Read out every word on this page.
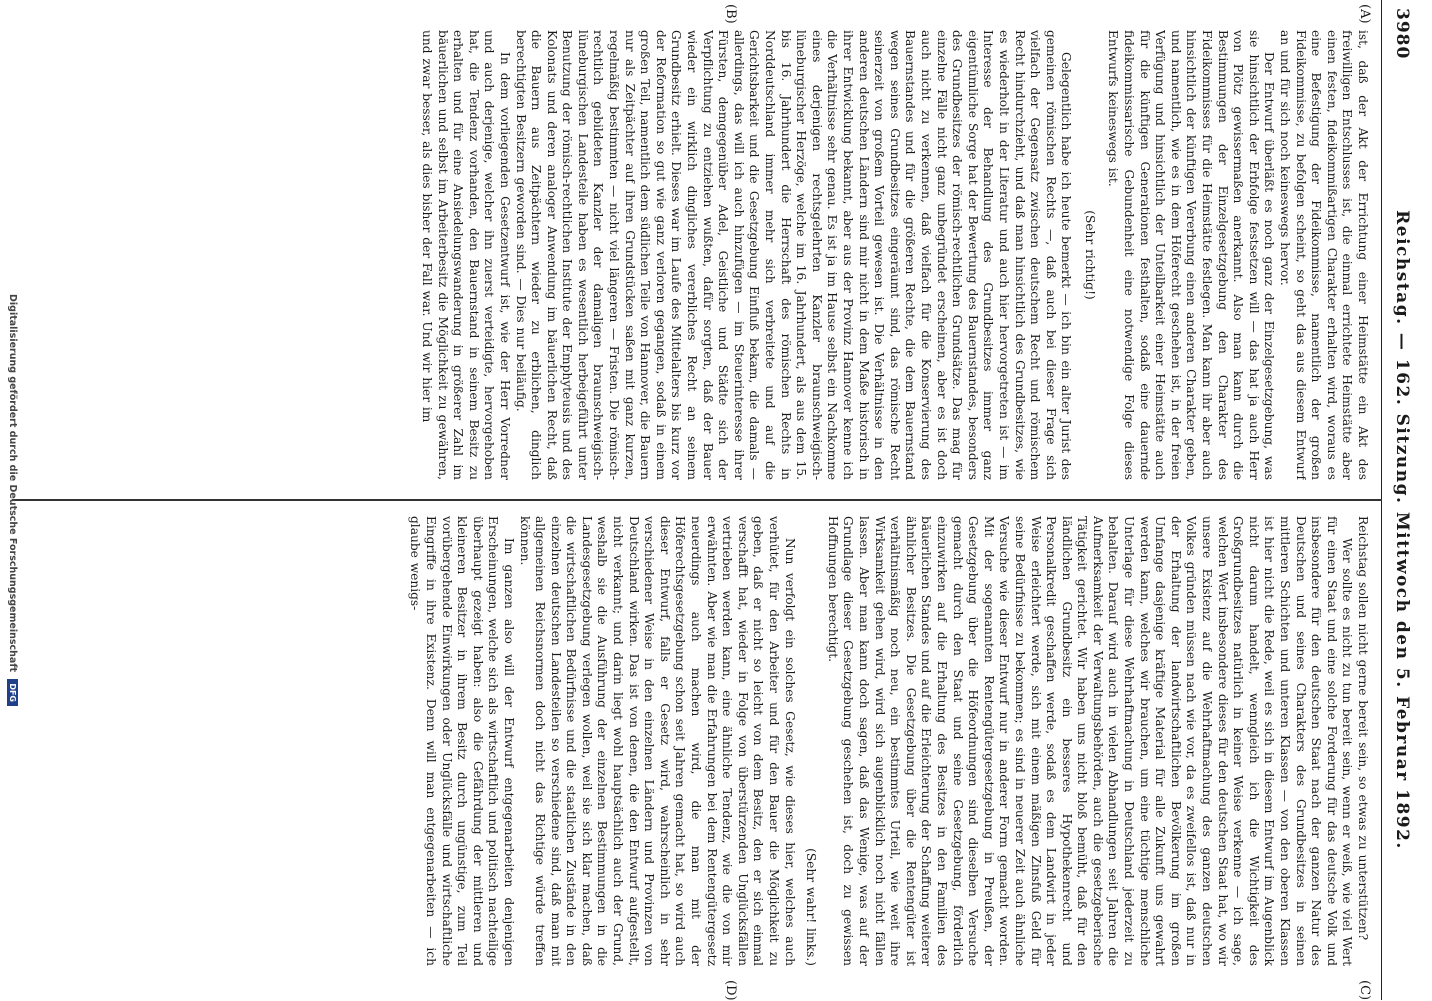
3980
Reichstag. — 162. Sitzung. Mittwoch den 5. Februar 1892.
(A)
(B)
(C)
(D)

ist, daß der Akt der Errichtung einer Heimstätte ein Akt des freiwilligen Entschlusses ist, die einmal errichtete Heimstätte aber einen festen, fideikommißartigen Charakter erhalten wird, woraus es eine Befestigung der Fideikommisse, namentlich der großen Fideikommisse, zu befolgen scheint, so geht das aus diesem Entwurf an und für sich noch keineswegs hervor.

Der Entwurf überläßt es noch ganz der Einzelgesetzgebung, was sie hinsichtlich der Erbfolge festsetzen will — das hat ja auch Herr von Plötz gewissermaßen anerkannt. Also man kann durch die Bestimmungen der Einzelgesetzgebung den Charakter des Fideikommisses für die Heimstätte festlegen. Man kann ihr aber auch hinsichtlich der künftigen Vererbung einen anderen Charakter geben, und namentlich, wie es in dem Höferecht geschehen ist, in der freien Verfügung und hinsichtlich der Unteilbarkeit einer Heimstätte auch für die künftigen Generationen festhalten, sodaß eine dauernde fideikommissarische Gebundenheit eine notwendige Folge dieses Entwurfs keineswegs ist.

(Sehr richtig!)

Gelegentlich habe ich heute bemerkt — ich bin ein alter Jurist des gemeinen römischen Rechts —, daß auch bei dieser Frage sich vielfach der Gegensatz zwischen deutschem Recht und römischem Recht hindurchzieht, und daß man hinsichtlich des Grundbesitzes, wie es wiederholt in der Literatur und auch hier hervorgetreten ist — im Interesse der Behandlung des Grundbesitzes immer ganz eigentümliche Sorge hat der Bewertung des Bauernstandes, besonders des Grundbesitzes der römisch-rechtlichen Grundsätze. Das mag für einzelne Fälle nicht ganz unbegründet erscheinen, aber es ist doch auch nicht zu verkennen, daß vielfach für die Konservierung des Bauernstandes und für die größeren Rechte, die dem Bauernstand wegen seines Grundbesitzes eingeräumt sind, das römische Recht seinerzeit von großem Vorteil gewesen ist. Die Verhältnisse in den anderen deutschen Ländern sind mir nicht in dem Maße historisch in ihrer Entwicklung bekannt, aber aus der Provinz Hannover kenne ich die Verhältnisse sehr genau. Es ist ja im Hause selbst ein Nachkomme eines derjenigen rechtsgelehrten Kanzler braunschweigisch-lüneburgischer Herzöge, welche im 16. Jahrhundert, als aus dem 15. bis 16. Jahrhundert die Herrschaft des römischen Rechts in Norddeutschland immer mehr sich verbreitete und auf die Gerichtsbarkeit und die Gesetzgebung Einfluß bekam, die damals — allerdings, das will ich auch hinzufügen — im Steuerinteresse ihrer Fürsten, demgegenüber Adel, Geistliche und Städte sich der Verpflichtung zu entziehen wußten, dafür sorgten, daß der Bauer wieder ein wirklich dingliches vererbliches Recht an seinem Grundbesitz erhielt. Dieses war im Laufe des Mittelalters bis kurz vor der Reformation so gut wie ganz verloren gegangen, sodaß in einem großen Teil, namentlich dem südlichen Teile von Hannover, die Bauern nur als Zeitpächter auf ihren Grundstücken saßen mit ganz kurzen, regelmäßig bestimmten — nicht viel längeren — Fristen. Die römisch-rechtlich gebildeten Kanzler der damaligen braunschweigisch-lüneburgischen Landesteile haben es wesentlich herbeigeführt unter Benutzung der römisch-rechtlichen Institute der Emphyteusis und des Kolonats und deren analoger Anwendung im bäuerlichen Recht, daß die Bauern aus Zeitpächtern wieder zu erblichen, dinglich berechtigten Besitzern geworden sind. — Dies nur beiläufig.

In dem vorliegenden Gesetzentwurf ist, wie der Herr Vorredner und auch derjenige, welcher ihn zuerst verteidigte, hervorgehoben hat, die Tendenz vorhanden, den Bauernstand in seinem Besitz zu erhalten und für eine Ansiedelungswanderung in größerer Zahl im bäuerlichen und selbst im Arbeiterbesitz die Möglichkeit zu gewähren, und zwar besser, als dies bisher der Fall war. Und wir hier im

Reichstag sollen nicht gerne bereit sein, so etwas zu unterstützen?

Wer sollte es nicht zu tun bereit sein, wenn er weiß, wie viel Wert für einen Staat und eine solche Forderung für das deutsche Volk und insbesondere für den deutschen Staat nach der ganzen Natur des Deutschen und seines Charakters des Grundbesitzes in seinen mittleren Schichten und unteren Klassen — von den oberen Klassen ist hier nicht die Rede, weil es sich in diesem Entwurf im Augenblick nicht darum handelt, wenngleich ich die Wichtigkeit des Großgrundbesitzes natürlich in keiner Weise verkenne — ich sage, welchen Wert insbesondere dieses für den deutschen Staat hat, wo wir unsere Existenz auf die Wehrhaftmachung des ganzen deutschen Volkes gründen müssen nach wie vor, da es zweifellos ist, daß nur in der Erhaltung der landwirtschaftlichen Bevölkerung im großen Umfange dasjenige kräftige Material für alle Zukunft uns gewahrt werden kann, welches wir brauchen, um eine tüchtige menschliche Unterlage für diese Wehrhaftmachung in Deutschland jederzeit zu behalten. Darauf wird auch in vielen Abhandlungen seit Jahren die Aufmerksamkeit der Verwaltungsbehörden, auch die gesetzgeberische Tätigkeit gerichtet. Wir haben uns nicht bloß bemüht, daß für den ländlichen Grundbesitz ein besseres Hypothekenrecht und Personalkredit geschaffen werde, sodaß es dem Landwirt in jeder Weise erleichtert werde, sich mit einem mäßigen Zinsfuß Geld für seine Bedürfnisse zu bekommen; es sind in neuerer Zeit auch ähnliche Versuche wie dieser Entwurf nur in anderer Form gemacht worden. Mit der sogenannten Rentengütergesetzgebung in Preußen, der Gesetzgebung über die Höfeordnungen sind dieselben Versuche gemacht durch den Staat und seine Gesetzgebung, förderlich einzuwirken auf die Erhaltung des Besitzes in den Familien des bäuerlichen Standes und auf die Erleichterung der Schaffung weiterer ähnlicher Besitzes. Die Gesetzgebung über die Rentengüter ist verhältnismäßig noch neu, ein bestimmtes Urteil, wie weit ihre Wirksamkeit gehen wird, wird sich augenblicklich noch nicht fällen lassen. Aber man kann doch sagen, daß das Wenige, was auf der Grundlage dieser Gesetzgebung geschehen ist, doch zu gewissen Hoffnungen berechtigt.

(Sehr wahr! links.)

Nun verfolgt ein solches Gesetz, wie dieses hier, welches auch verhütet, für den Arbeiter und für den Bauer die Möglichkeit zu geben, daß er nicht so leicht von dem Besitz, den er sich einmal verschafft hat, wieder in Folge von überstürzenden Unglücksfällen vertrieben werden kann, eine ähnliche Tendenz, wie die von mir erwähnten. Aber wie man die Erfahrungen bei dem Rentengütergesetz neuerdings auch machen wird, die man mit der Höferechtsgesetzgebung schon seit Jahren gemacht hat, so wird auch dieser Entwurf, falls er Gesetz wird, wahrscheinlich in sehr verschiedener Weise in den einzelnen Ländern und Provinzen von Deutschland wirken. Das ist von denen, die den Entwurf aufgestellt, nicht verkannt; und darin liegt wohl hauptsächlich auch der Grund, weshalb sie die Ausführung der einzelnen Bestimmungen in die Landesgesetzgebung verlegen wollen, weil sie sich klar machen, daß die wirtschaftlichen Bedürfnisse und die staatlichen Zustände in den einzelnen deutschen Landesteilen so verschiedene sind, daß man mit allgemeinen Reichsnormen doch nicht das Richtige würde treffen können.

Im ganzen also will der Entwurf entgegenarbeiten denjenigen Erscheinungen, welche sich als wirtschaftlich und politisch nachteilige überhaupt gezeigt haben: also die Gefährdung der mittleren und kleineren Besitzer in ihrem Besitz durch ungünstige, zum Teil vorübergehende Einwirkungen oder Unglücksfälle und wirtschaftliche Eingriffe in ihre Existenz. Denn will man entgegenarbeiten — ich glaube wenigs-

Digitalisierung gefördert durch die Deutsche Forschungsgemeinschaft DFG
